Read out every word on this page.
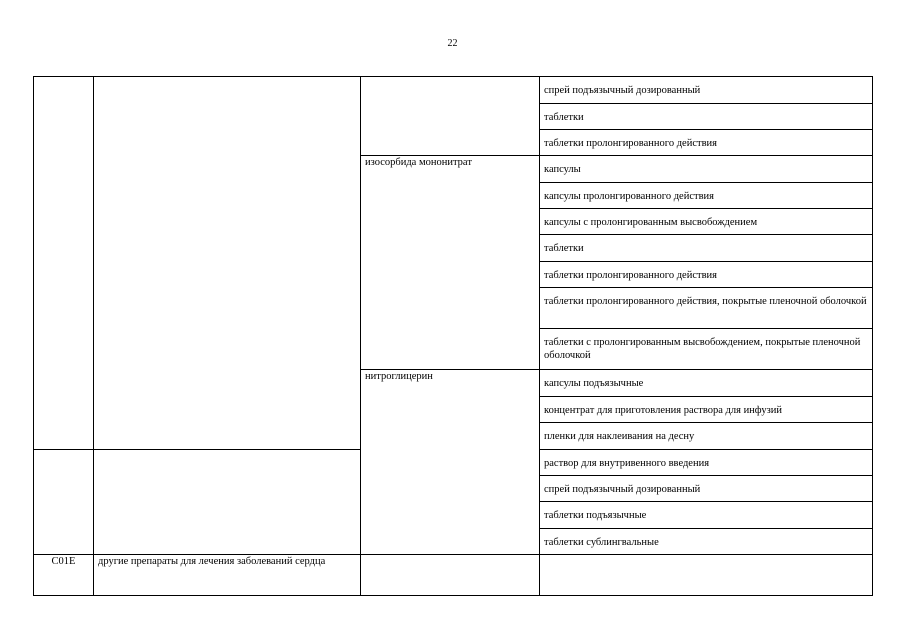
22

			спрей подъязычный дозированный

			таблетки

			таблетки пролонгированного действия

		изосорбида мононитрат	капсулы

			капсулы пролонгированного действия

			капсулы с пролонгированным высвобождением

			таблетки

			таблетки пролонгированного действия

			таблетки пролонгированного действия, покрытые пленочной оболочкой

			таблетки с пролонгированным высвобождением, покрытые пленочной оболочкой

		нитроглицерин	капсулы подъязычные

			концентрат для приготовления раствора для инфузий

			пленки для наклеивания на десну

			раствор для внутривенного введения

			спрей подъязычный дозированный

			таблетки подъязычные

			таблетки сублингвальные

C01E	другие препараты для лечения заболеваний сердца		
